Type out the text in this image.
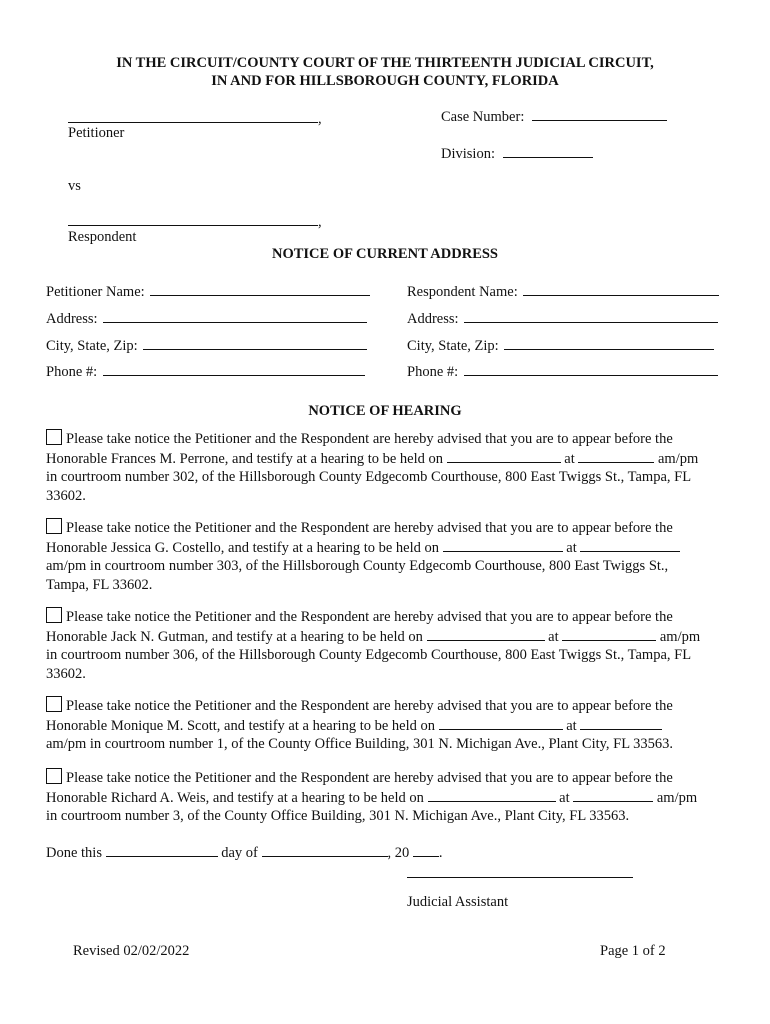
IN THE CIRCUIT/COUNTY COURT OF THE THIRTEENTH JUDICIAL CIRCUIT,
IN AND FOR HILLSBOROUGH COUNTY, FLORIDA
,
Petitioner
Case Number:
Division:
vs
,
Respondent
NOTICE OF CURRENT ADDRESS
Petitioner Name:	Respondent Name:
Address:	Address:
City, State, Zip:	City, State, Zip:
Phone #:	Phone #:
NOTICE OF HEARING
Please take notice the Petitioner and the Respondent are hereby advised that you are to appear before the
Honorable Frances M. Perrone, and testify at a hearing to be held on	at	am/pm
in courtroom number 302, of the Hillsborough County Edgecomb Courthouse, 800 East Twiggs St., Tampa, FL
33602.
Please take notice the Petitioner and the Respondent are hereby advised that you are to appear before the
Honorable Jessica G. Costello, and testify at a hearing to be held on	at
am/pm in courtroom number 303, of the Hillsborough County Edgecomb Courthouse, 800 East Twiggs St.,
Tampa, FL 33602.
Please take notice the Petitioner and the Respondent are hereby advised that you are to appear before the
Honorable Jack N. Gutman, and testify at a hearing to be held on	at	am/pm
in courtroom number 306, of the Hillsborough County Edgecomb Courthouse, 800 East Twiggs St., Tampa, FL
33602.
Please take notice the Petitioner and the Respondent are hereby advised that you are to appear before the
Honorable Monique M. Scott, and testify at a hearing to be held on	at
am/pm in courtroom number 1, of the County Office Building, 301 N. Michigan Ave., Plant City, FL 33563.
Please take notice the Petitioner and the Respondent are hereby advised that you are to appear before the
Honorable Richard A. Weis, and testify at a hearing to be held on	at	am/pm
in courtroom number 3, of the County Office Building, 301 N. Michigan Ave., Plant City, FL 33563.
Done this	day of	, 20 .
Judicial Assistant
Revised 02/02/2022	Page 1 of 2
